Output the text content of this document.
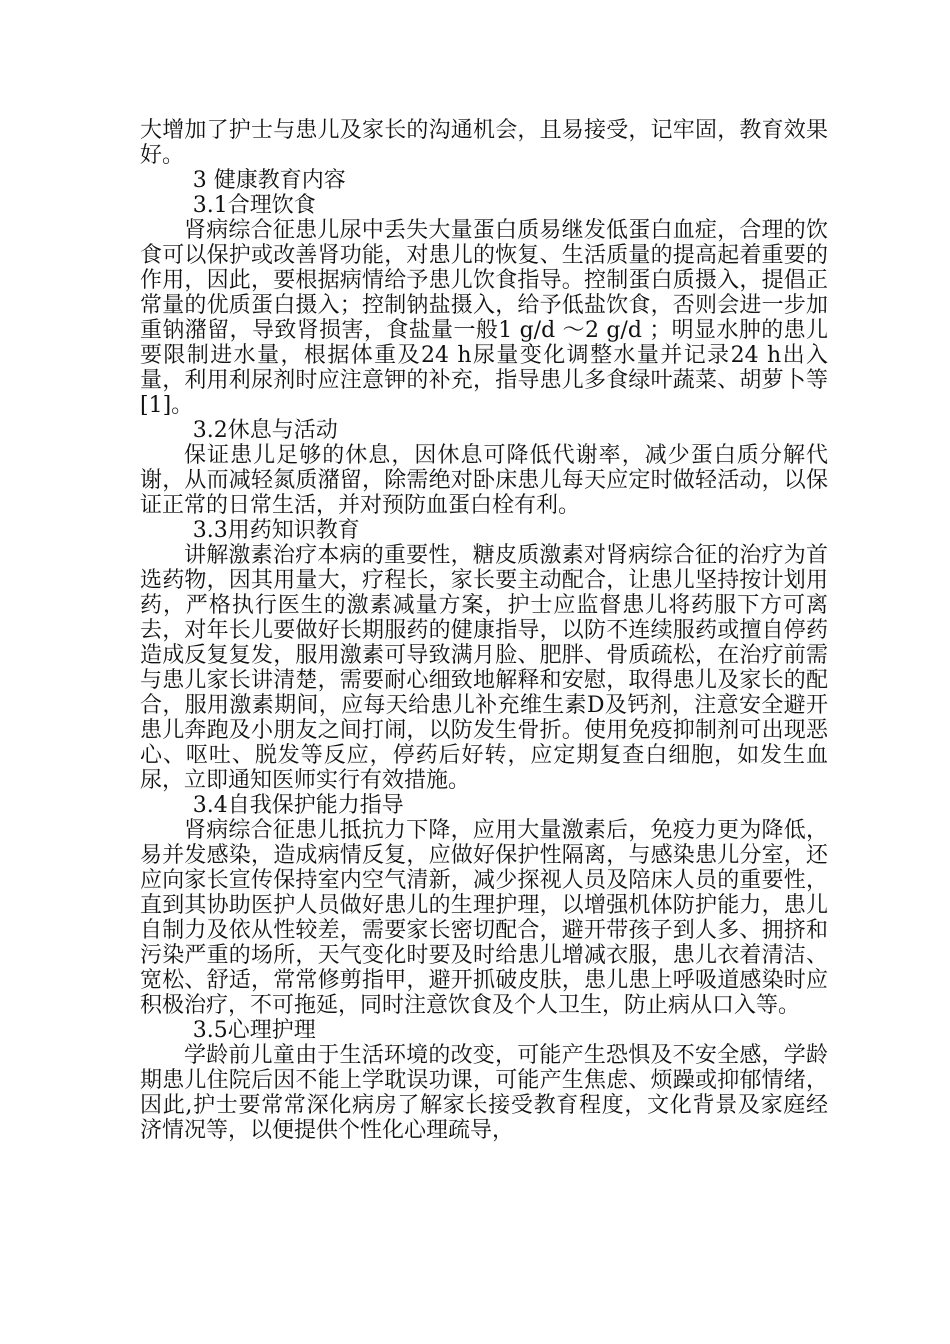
大增加了护士与患儿及家长的沟通机会，且易接受，记牢固，教育效果好。

3 健康教育内容

3.1合理饮食

肾病综合征患儿尿中丢失大量蛋白质易继发低蛋白血症，合理的饮食可以保护或改善肾功能，对患儿的恢复、生活质量的提高起着重要的作用，因此，要根据病情给予患儿饮食指导。控制蛋白质摄入，提倡正常量的优质蛋白摄入；控制钠盐摄入，给予低盐饮食，否则会进一步加重钠潴留，导致肾损害，食盐量一般1 g/d ～2 g/d ；明显水肿的患儿要限制进水量，根据体重及24 h尿量变化调整水量并记录24 h出入量，利用利尿剂时应注意钾的补充，指导患儿多食绿叶蔬菜、胡萝卜等[1]。

3.2休息与活动

保证患儿足够的休息，因休息可降低代谢率，减少蛋白质分解代谢，从而减轻氮质潴留，除需绝对卧床患儿每天应定时做轻活动，以保证正常的日常生活，并对预防血蛋白栓有利。

3.3用药知识教育

讲解激素治疗本病的重要性，糖皮质激素对肾病综合征的治疗为首选药物，因其用量大，疗程长，家长要主动配合，让患儿坚持按计划用药，严格执行医生的激素减量方案，护士应监督患儿将药服下方可离去，对年长儿要做好长期服药的健康指导，以防不连续服药或擅自停药造成反复复发，服用激素可导致满月脸、肥胖、骨质疏松，在治疗前需与患儿家长讲清楚，需要耐心细致地解释和安慰，取得患儿及家长的配合，服用激素期间，应每天给患儿补充维生素D及钙剂，注意安全避开患儿奔跑及小朋友之间打闹，以防发生骨折。使用免疫抑制剂可出现恶心、呕吐、脱发等反应，停药后好转，应定期复查白细胞，如发生血尿，立即通知医师实行有效措施。

3.4自我保护能力指导

肾病综合征患儿抵抗力下降，应用大量激素后，免疫力更为降低，易并发感染，造成病情反复，应做好保护性隔离，与感染患儿分室，还应向家长宣传保持室内空气清新，减少探视人员及陪床人员的重要性，直到其协助医护人员做好患儿的生理护理，以增强机体防护能力，患儿自制力及依从性较差，需要家长密切配合，避开带孩子到人多、拥挤和污染严重的场所，天气变化时要及时给患儿增减衣服，患儿衣着清洁、宽松、舒适，常常修剪指甲，避开抓破皮肤，患儿患上呼吸道感染时应积极治疗，不可拖延，同时注意饮食及个人卫生，防止病从口入等。

3.5心理护理

学龄前儿童由于生活环境的改变，可能产生恐惧及不安全感，学龄期患儿住院后因不能上学耽误功课，可能产生焦虑、烦躁或抑郁情绪，因此,护士要常常深化病房了解家长接受教育程度，文化背景及家庭经济情况等，以便提供个性化心理疏导，
